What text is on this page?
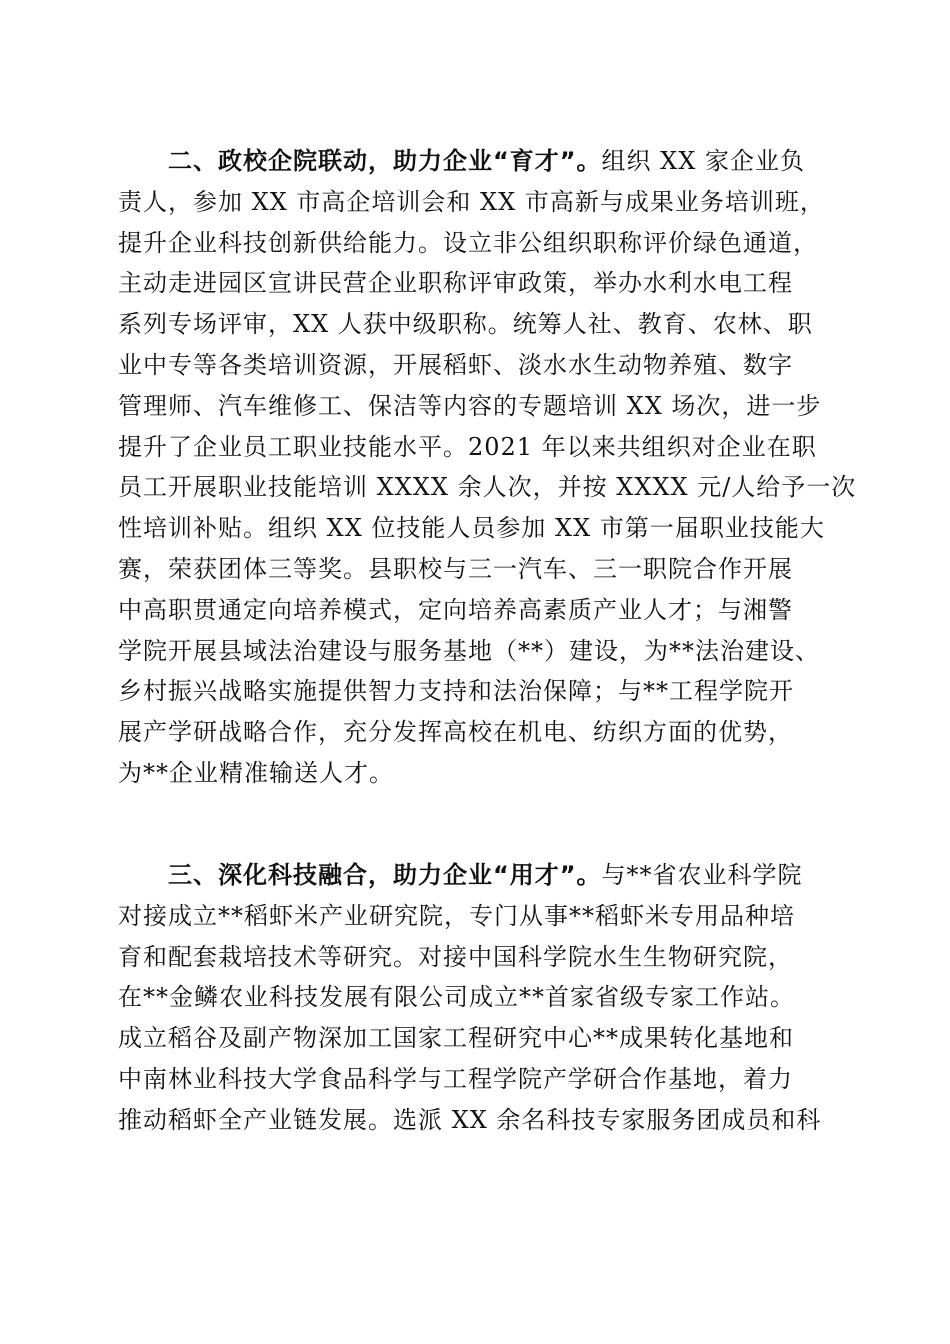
二、政校企院联动，助力企业“育才”。组织 XX 家企业负
责人，参加 XX 市高企培训会和 XX 市高新与成果业务培训班，
提升企业科技创新供给能力。设立非公组织职称评价绿色通道，
主动走进园区宣讲民营企业职称评审政策，举办水利水电工程
系列专场评审，XX 人获中级职称。统筹人社、教育、农林、职
业中专等各类培训资源，开展稻虾、淡水水生动物养殖、数字
管理师、汽车维修工、保洁等内容的专题培训 XX 场次，进一步
提升了企业员工职业技能水平。2021 年以来共组织对企业在职
员工开展职业技能培训 XXXX 余人次，并按 XXXX 元/人给予一次
性培训补贴。组织 XX 位技能人员参加 XX 市第一届职业技能大
赛，荣获团体三等奖。县职校与三一汽车、三一职院合作开展
中高职贯通定向培养模式，定向培养高素质产业人才；与湘警
学院开展县域法治建设与服务基地（**）建设，为**法治建设、
乡村振兴战略实施提供智力支持和法治保障；与**工程学院开
展产学研战略合作，充分发挥高校在机电、纺织方面的优势，
为**企业精准输送人才。
三、深化科技融合，助力企业“用才”。与**省农业科学院
对接成立**稻虾米产业研究院，专门从事**稻虾米专用品种培
育和配套栽培技术等研究。对接中国科学院水生生物研究院，
在**金鳞农业科技发展有限公司成立**首家省级专家工作站。
成立稻谷及副产物深加工国家工程研究中心**成果转化基地和
中南林业科技大学食品科学与工程学院产学研合作基地，着力
推动稻虾全产业链发展。选派 XX 余名科技专家服务团成员和科
